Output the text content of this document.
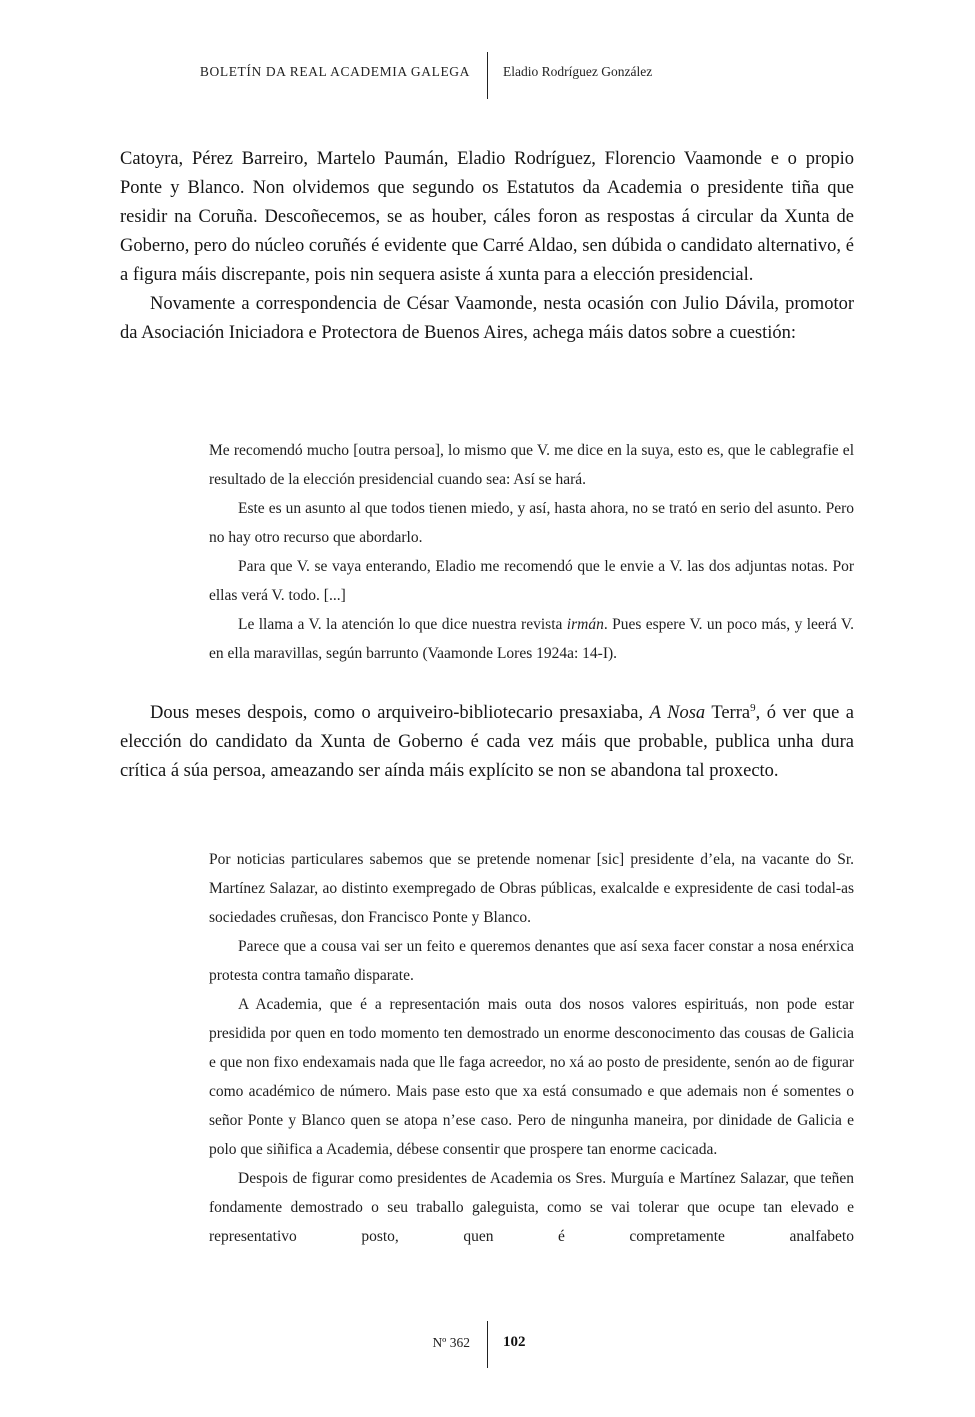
BOLETÍN DA REAL ACADEMIA GALEGA Eladio Rodríguez González

Catoyra, Pérez Barreiro, Martelo Paumán, Eladio Rodríguez, Florencio Vaamonde e o propio Ponte y Blanco. Non olvidemos que segundo os Estatutos da Academia o presidente tiña que residir na Coruña. Descoñecemos, se as houber, cáles foron as respostas á circular da Xunta de Goberno, pero do núcleo coruñés é evidente que Carré Aldao, sen dúbida o candidato alternativo, é a figura máis discrepante, pois nin sequera asiste á xunta para a elección presidencial.

Novamente a correspondencia de César Vaamonde, nesta ocasión con Julio Dávila, promotor da Asociación Iniciadora e Protectora de Buenos Aires, achega máis datos sobre a cuestión:

Me recomendó mucho [outra persoa], lo mismo que V. me dice en la suya, esto es, que le cablegrafie el resultado de la elección presidencial cuando sea: Así se hará.

Este es un asunto al que todos tienen miedo, y así, hasta ahora, no se trató en serio del asunto. Pero no hay otro recurso que abordarlo.

Para que V. se vaya enterando, Eladio me recomendó que le envie a V. las dos adjuntas notas. Por ellas verá V. todo. [...]

Le llama a V. la atención lo que dice nuestra revista irmán. Pues espere V. un poco más, y leerá V. en ella maravillas, según barrunto (Vaamonde Lores 1924a: 14-I).

Dous meses despois, como o arquiveiro-bibliotecario presaxiaba, A Nosa Terra$^9$, ó ver que a elección do candidato da Xunta de Goberno é cada vez máis que probable, publica unha dura crítica á súa persoa, ameazando ser aínda máis explícito se non se abandona tal proxecto.

Por noticias particulares sabemos que se pretende nomenar [sic] presidente d’ela, na vacante do Sr. Martínez Salazar, ao distinto exempregado de Obras públicas, exalcalde e expresidente de casi todal-as sociedades cruñesas, don Francisco Ponte y Blanco.

Parece que a cousa vai ser un feito e queremos denantes que así sexa facer constar a nosa enérxica protesta contra tamaño disparate.

A Academia, que é a representación mais outa dos nosos valores espirituás, non pode estar presidida por quen en todo momento ten demostrado un enorme desconocimento das cousas de Galicia e que non fixo endexamais nada que lle faga acreedor, no xá ao posto de presidente, senón ao de figurar como académico de número. Mais pase esto que xa está consumado e que ademais non é somentes o señor Ponte y Blanco quen se atopa n’ese caso. Pero de ningunha maneira, por dinidade de Galicia e polo que siñifica a Academia, débese consentir que prospere tan enorme cacicada.

Despois de figurar como presidentes de Academia os Sres. Murguía e Martínez Salazar, que teñen fondamente demostrado o seu traballo galeguista, como se vai tolerar que ocupe tan elevado e representativo posto, quen é compretamente analfabeto

Nº 362 102
